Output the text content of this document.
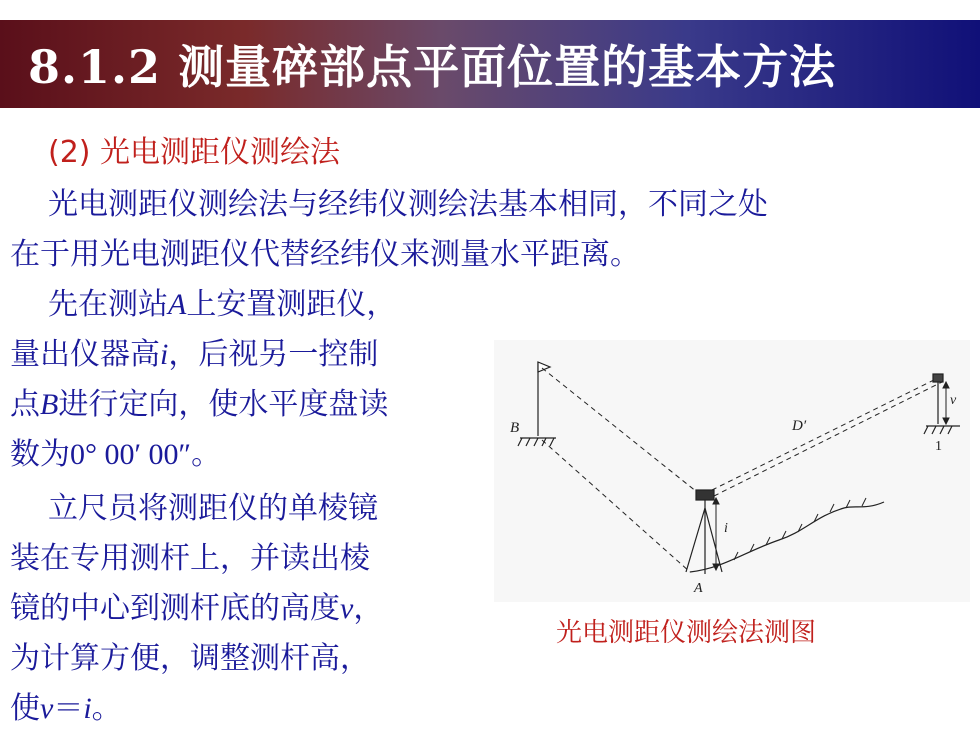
8.1.2 测量碎部点平面位置的基本方法
(2) 光电测距仪测绘法
光电测距仪测绘法与经纬仪测绘法基本相同，不同之处
在于用光电测距仪代替经纬仪来测量水平距离。
先在测站A上安置测距仪，
量出仪器高i，后视另一控制
点B进行定向，使水平度盘读
数为0° 00′ 00″。
立尺员将测距仪的单棱镜
装在专用测杆上，并读出棱
镜的中心到测杆底的高度v，
为计算方便，调整测杆高，
使v＝i。
B
i
A
D′
v
1
光电测距仪测绘法测图
